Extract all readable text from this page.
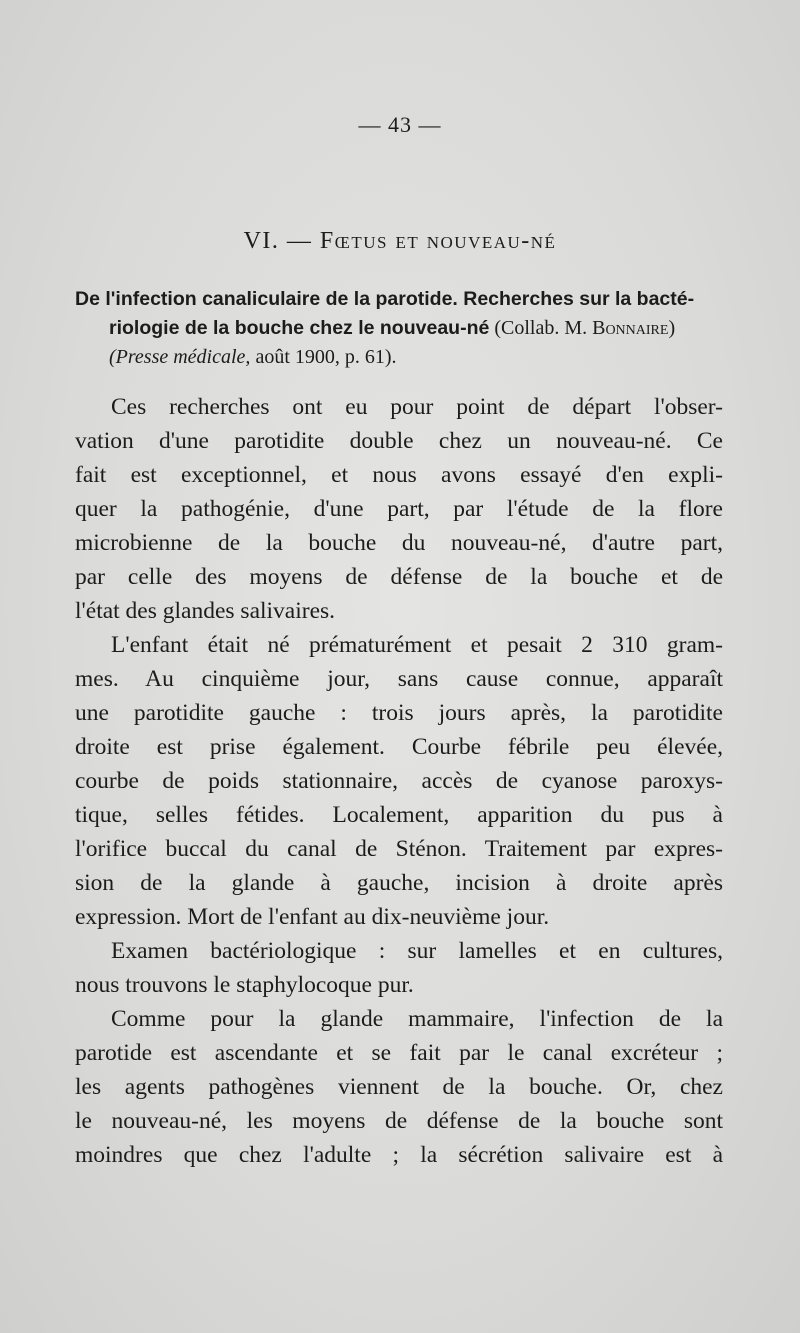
— 43 —
VI. — Fœtus et nouveau-né
De l'infection canaliculaire de la parotide. Recherches sur la bacté-
riologie de la bouche chez le nouveau-né (Collab. M. Bonnaire)
(Presse médicale, août 1900, p. 61).
Ces recherches ont eu pour point de départ l'obser-
vation d'une parotidite double chez un nouveau-né. Ce
fait est exceptionnel, et nous avons essayé d'en expli-
quer la pathogénie, d'une part, par l'étude de la flore
microbienne de la bouche du nouveau-né, d'autre part,
par celle des moyens de défense de la bouche et de
l'état des glandes salivaires.
L'enfant était né prématurément et pesait 2 310 gram-
mes. Au cinquième jour, sans cause connue, apparaît
une parotidite gauche : trois jours après, la parotidite
droite est prise également. Courbe fébrile peu élevée,
courbe de poids stationnaire, accès de cyanose paroxys-
tique, selles fétides. Localement, apparition du pus à
l'orifice buccal du canal de Sténon. Traitement par expres-
sion de la glande à gauche, incision à droite après
expression. Mort de l'enfant au dix-neuvième jour.
Examen bactériologique : sur lamelles et en cultures,
nous trouvons le staphylocoque pur.
Comme pour la glande mammaire, l'infection de la
parotide est ascendante et se fait par le canal excréteur ;
les agents pathogènes viennent de la bouche. Or, chez
le nouveau-né, les moyens de défense de la bouche sont
moindres que chez l'adulte ; la sécrétion salivaire est à
